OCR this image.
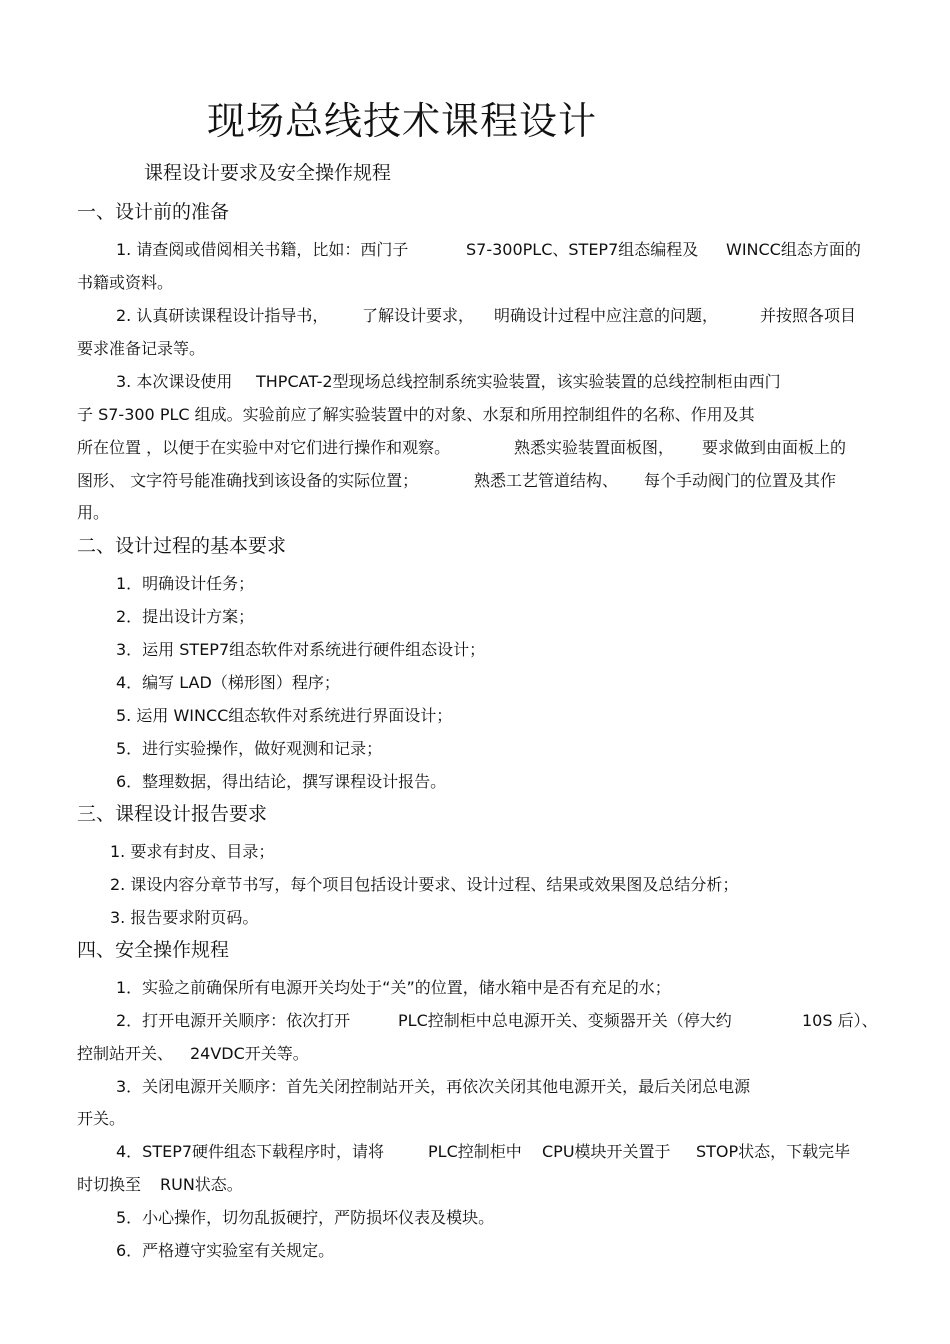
现场总线技术课程设计
课程设计要求及安全操作规程
一、设计前的准备
1. 请查阅或借阅相关书籍，比如：西门子	S7-300PLC、STEP7组态编程及 WINCC组态方面的
书籍或资料。
2. 认真研读课程设计指导书， 了解设计要求， 明确设计过程中应注意的问题，	并按照各项目
要求准备记录等。
3. 本次课设使用 THPCAT-2型现场总线控制系统实验装置，该实验装置的总线控制柜由西门
子 S7-300 PLC 组成。实验前应了解实验装置中的对象、水泵和所用控制组件的名称、作用及其
所在位置 ，以便于在实验中对它们进行操作和观察。	熟悉实验装置面板图， 要求做到由面板上的
图形、 文字符号能准确找到该设备的实际位置；	熟悉工艺管道结构、 每个手动阀门的位置及其作
用。
二、设计过程的基本要求
1．明确设计任务；
2．提出设计方案；
3．运用 STEP7组态软件对系统进行硬件组态设计；
4．编写 LAD（梯形图）程序；
5. 运用 WINCC组态软件对系统进行界面设计；
5．进行实验操作，做好观测和记录；
6．整理数据，得出结论，撰写课程设计报告。
三、课程设计报告要求
1. 要求有封皮、目录；
2. 课设内容分章节书写，每个项目包括设计要求、设计过程、结果或效果图及总结分析；
3. 报告要求附页码。
四、安全操作规程
1．实验之前确保所有电源开关均处于“关”的位置，储水箱中是否有充足的水；
2．打开电源开关顺序：依次打开	PLC控制柜中总电源开关、变频器开关（停大约	10S 后）、
控制站开关、 24VDC开关等。
3．关闭电源开关顺序：首先关闭控制站开关，再依次关闭其他电源开关，最后关闭总电源
开关。
4．STEP7硬件组态下载程序时，请将	PLC控制柜中 CPU模块开关置于 STOP状态，下载完毕
时切换至 RUN状态。
5．小心操作，切勿乱扳硬拧，严防损坏仪表及模块。
6．严格遵守实验室有关规定。
